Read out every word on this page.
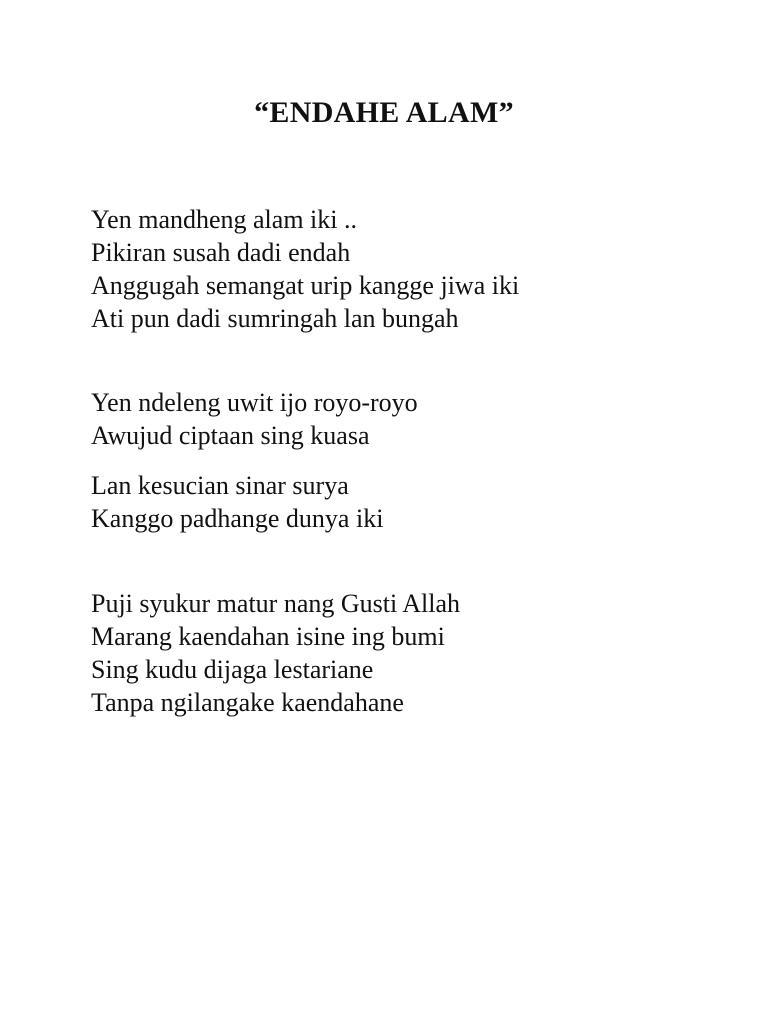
“ENDAHE ALAM”
Yen mandheng alam iki ..
Pikiran susah dadi endah
Anggugah semangat urip kangge jiwa iki
Ati pun dadi sumringah lan bungah
Yen ndeleng uwit ijo royo-royo
Awujud ciptaan sing kuasa
Lan kesucian sinar surya
Kanggo padhange dunya iki
Puji syukur matur nang Gusti Allah
Marang kaendahan isine ing bumi
Sing kudu dijaga lestariane
Tanpa ngilangake kaendahane
